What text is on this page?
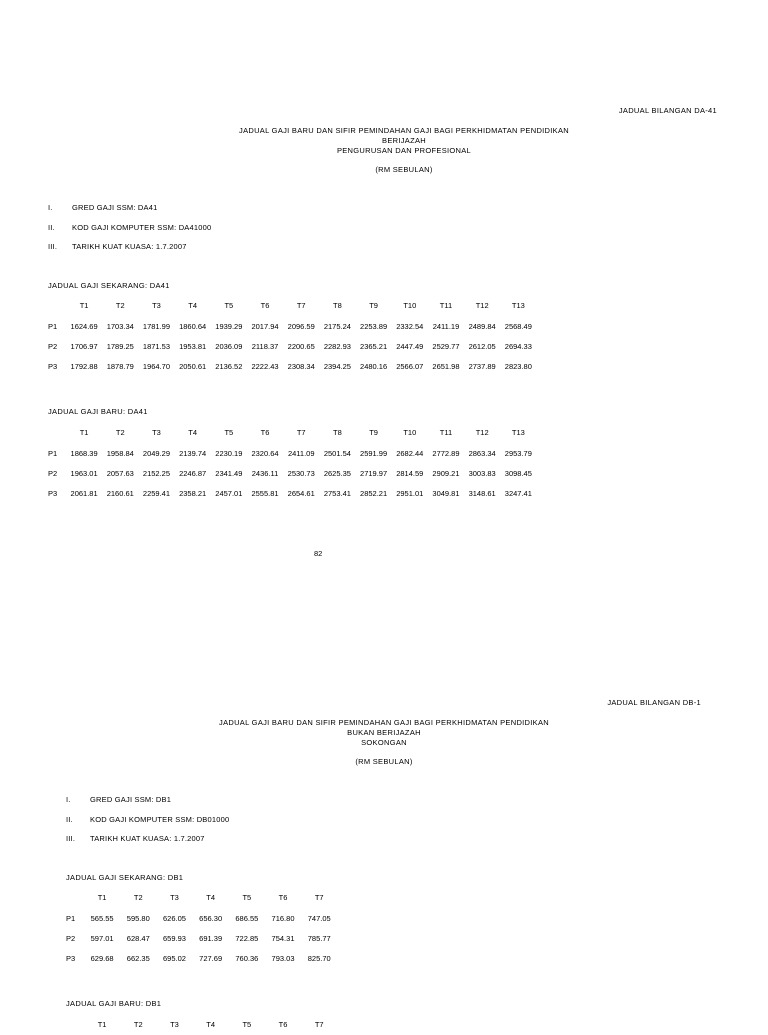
JADUAL BILANGAN DA-41
JADUAL GAJI BARU DAN SIFIR PEMINDAHAN GAJI BAGI PERKHIDMATAN PENDIDIKAN
BERIJAZAH
PENGURUSAN DAN PROFESIONAL
(RM SEBULAN)
I.	GRED GAJI SSM: DA41
II. KOD GAJI KOMPUTER SSM: DA41000
III. TARIKH KUAT KUASA: 1.7.2007
JADUAL GAJI SEKARANG: DA41
	T1	T2	T3	T4	T5	T6	T7	T8	T9	T10	T11	T12	T13
P1	1624.69	1703.34	1781.99	1860.64	1939.29	2017.94	2096.59	2175.24	2253.89	2332.54	2411.19	2489.84	2568.49
P2	1706.97	1789.25	1871.53	1953.81	2036.09	2118.37	2200.65	2282.93	2365.21	2447.49	2529.77	2612.05	2694.33
P3	1792.88	1878.79	1964.70	2050.61	2136.52	2222.43	2308.34	2394.25	2480.16	2566.07	2651.98	2737.89	2823.80
JADUAL GAJI BARU: DA41
	T1	T2	T3	T4	T5	T6	T7	T8	T9	T10	T11	T12	T13
P1	1868.39	1958.84	2049.29	2139.74	2230.19	2320.64	2411.09	2501.54	2591.99	2682.44	2772.89	2863.34	2953.79
P2	1963.01	2057.63	2152.25	2246.87	2341.49	2436.11	2530.73	2625.35	2719.97	2814.59	2909.21	3003.83	3098.45
P3	2061.81	2160.61	2259.41	2358.21	2457.01	2555.81	2654.61	2753.41	2852.21	2951.01	3049.81	3148.61	3247.41
82
JADUAL BILANGAN DB-1
JADUAL GAJI BARU DAN SIFIR PEMINDAHAN GAJI BAGI PERKHIDMATAN PENDIDIKAN
BUKAN BERIJAZAH
SOKONGAN
(RM SEBULAN)
I.	GRED GAJI SSM: DB1
II. KOD GAJI KOMPUTER SSM: DB01000
III. TARIKH KUAT KUASA: 1.7.2007
JADUAL GAJI SEKARANG: DB1
	T1	T2	T3	T4	T5	T6	T7
P1	565.55	595.80	626.05	656.30	686.55	716.80	747.05
P2	597.01	628.47	659.93	691.39	722.85	754.31	785.77
P3	629.68	662.35	695.02	727.69	760.36	793.03	825.70
JADUAL GAJI BARU: DB1
	T1	T2	T3	T4	T5	T6	T7
